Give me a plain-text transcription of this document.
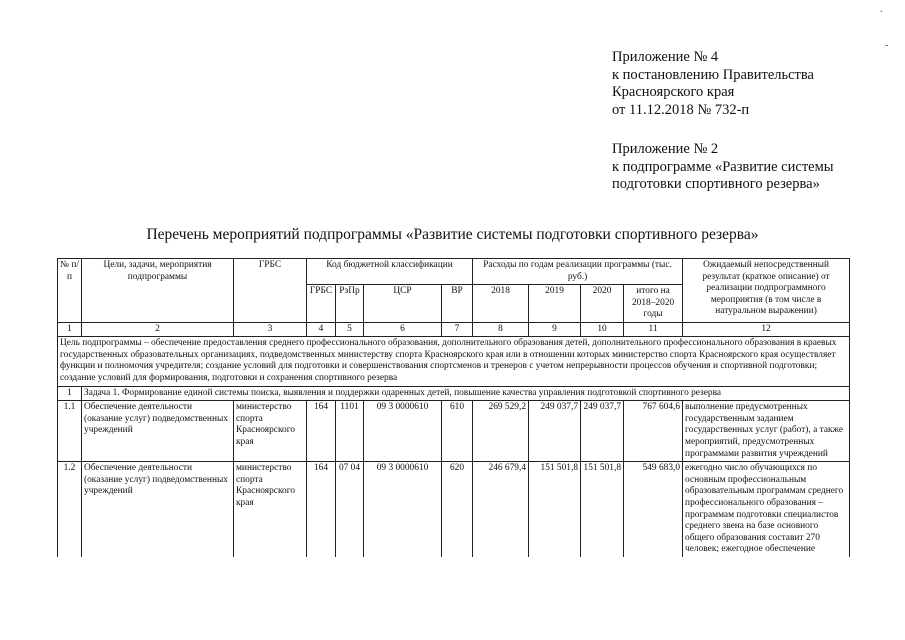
.
-
Приложение № 4
к постановлению Правительства
Красноярского края
от 11.12.2018 № 732-п
Приложение № 2
к подпрограмме «Развитие системы
подготовки спортивного резерва»
Перечень мероприятий подпрограммы «Развитие системы подготовки спортивного резерва»
№ п/п	Цели, задачи, мероприятия подпрограммы	ГРБС	Код бюджетной классификации				Расходы по годам реализации программы (тыс. руб.)				Ожидаемый непосредственный результат (краткое описание) от реализации подпрограммного мероприятия (в том числе в натуральном выражении)
			ГРБС	РзПр	ЦСР	ВР	2018	2019	2020	итого на 2018–2020 годы	
1	2	3	4	5	6	7	8	9	10	11	12
Цель подпрограммы – обеспечение предоставления среднего профессионального образования, дополнительного образования детей, дополнительного профессионального образования в краевых государственных образовательных организациях, подведомственных министерству спорта Красноярского края или в отношении которых министерство спорта Красноярского края осуществляет функции и полномочия учредителя; создание условий для подготовки и совершенствования спортсменов и тренеров с учетом непрерывности процессов обучения и спортивной подготовки; создание условий для формирования, подготовки и сохранения спортивного резерва											
1	Задача 1. Формирование единой системы поиска, выявления и поддержки одаренных детей, повышение качества управления подготовкой спортивного резерва										
1.1	Обеспечение деятельности (оказание услуг) подведомственных учреждений	министерство спорта Красноярского края	164	1101	09 3 0000610	610	269 529,2	249 037,7	249 037,7	767 604,6	выполнение предусмотренных государственным заданием государственных услуг (работ), а также мероприятий, предусмотренных программами развития учреждений
1.2	Обеспечение деятельности (оказание услуг) подведомственных учреждений	министерство спорта Красноярского края	164	07 04	09 3 0000610	620	246 679,4	151 501,8	151 501,8	549 683,0	ежегодно число обучающихся по основным профессиональным образовательным программам среднего профессионального образования – программам подготовки специалистов среднего звена на базе основного общего образования составит 270 человек; ежегодное обеспечение
